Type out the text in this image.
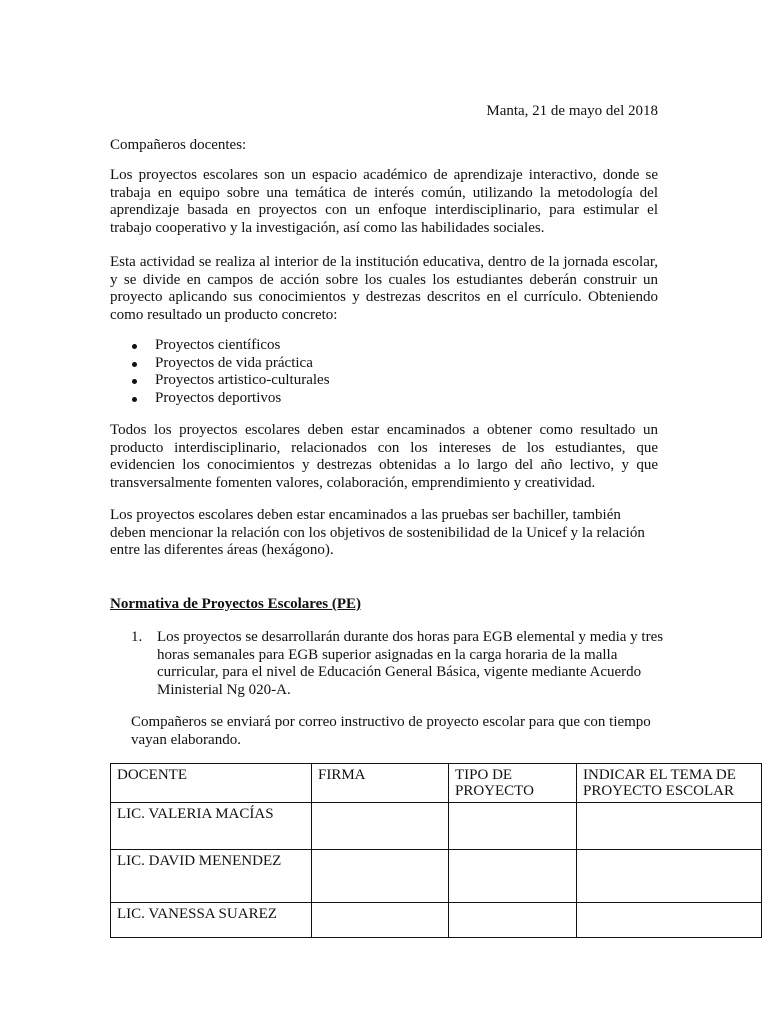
Manta, 21 de mayo del 2018

Compañeros docentes:

Los proyectos escolares son un espacio académico de aprendizaje interactivo, donde se trabaja en equipo sobre una temática de interés común, utilizando la metodología del aprendizaje basada en proyectos con un enfoque interdisciplinario, para estimular el trabajo cooperativo y la investigación, así como las habilidades sociales.

Esta actividad se realiza al interior de la institución educativa, dentro de la jornada escolar, y se divide en campos de acción sobre los cuales los estudiantes deberán construir un proyecto aplicando sus conocimientos y destrezas descritos en el currículo. Obteniendo como resultado un producto concreto:

Proyectos científicos
Proyectos de vida práctica
Proyectos artistico-culturales
Proyectos deportivos

Todos los proyectos escolares deben estar encaminados a obtener como resultado un producto interdisciplinario, relacionados con los intereses de los estudiantes, que evidencien los conocimientos y destrezas obtenidas a lo largo del año lectivo, y que transversalmente fomenten valores, colaboración, emprendimiento y creatividad.

Los proyectos escolares deben estar encaminados a las pruebas ser bachiller, también deben mencionar la relación con los objetivos de sostenibilidad de la Unicef y la relación entre las diferentes áreas (hexágono).

Normativa de Proyectos Escolares (PE)

1. Los proyectos se desarrollarán durante dos horas para EGB elemental y media y tres horas semanales para EGB superior asignadas en la carga horaria de la malla curricular, para el nivel de Educación General Básica, vigente mediante Acuerdo Ministerial Ng 020-A.

Compañeros se enviará por correo instructivo de proyecto escolar para que con tiempo vayan elaborando.

DOCENTE	FIRMA	TIPO DE PROYECTO	INDICAR EL TEMA DE PROYECTO ESCOLAR
LIC. VALERIA MACÍAS			
LIC. DAVID MENENDEZ			
LIC. VANESSA SUAREZ			
